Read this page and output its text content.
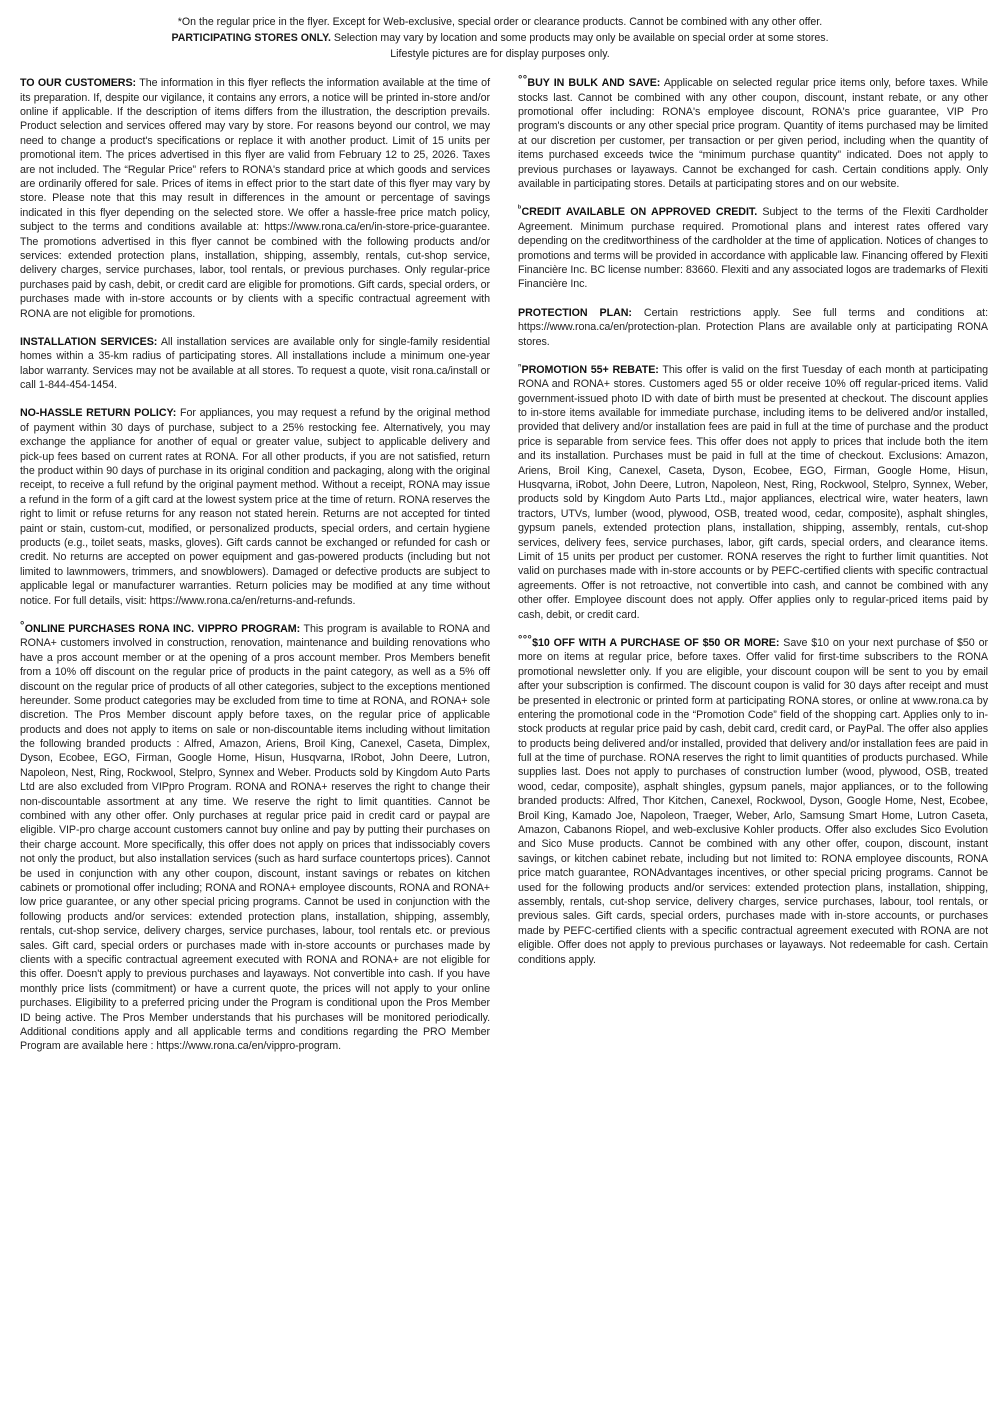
*On the regular price in the flyer. Except for Web-exclusive, special order or clearance products. Cannot be combined with any other offer.

PARTICIPATING STORES ONLY. Selection may vary by location and some products may only be available on special order at some stores.

Lifestyle pictures are for display purposes only.

TO OUR CUSTOMERS: The information in this flyer reflects the information available at the time of its preparation. If, despite our vigilance, it contains any errors, a notice will be printed in-store and/or online if applicable. If the description of items differs from the illustration, the description prevails. Product selection and services offered may vary by store. For reasons beyond our control, we may need to change a product's specifications or replace it with another product. Limit of 15 units per promotional item. The prices advertised in this flyer are valid from February 12 to 25, 2026. Taxes are not included. The “Regular Price” refers to RONA's standard price at which goods and services are ordinarily offered for sale. Prices of items in effect prior to the start date of this flyer may vary by store. Please note that this may result in differences in the amount or percentage of savings indicated in this flyer depending on the selected store. We offer a hassle-free price match policy, subject to the terms and conditions available at: https://www.rona.ca/en/in-store-price-guarantee. The promotions advertised in this flyer cannot be combined with the following products and/or services: extended protection plans, installation, shipping, assembly, rentals, cut-shop service, delivery charges, service purchases, labor, tool rentals, or previous purchases. Only regular-price purchases paid by cash, debit, or credit card are eligible for promotions. Gift cards, special orders, or purchases made with in-store accounts or by clients with a specific contractual agreement with RONA are not eligible for promotions.

INSTALLATION SERVICES: All installation services are available only for single-family residential homes within a 35-km radius of participating stores. All installations include a minimum one-year labor warranty. Services may not be available at all stores. To request a quote, visit rona.ca/install or call 1-844-454-1454.

NO-HASSLE RETURN POLICY: For appliances, you may request a refund by the original method of payment within 30 days of purchase, subject to a 25% restocking fee. Alternatively, you may exchange the appliance for another of equal or greater value, subject to applicable delivery and pick-up fees based on current rates at RONA. For all other products, if you are not satisfied, return the product within 90 days of purchase in its original condition and packaging, along with the original receipt, to receive a full refund by the original payment method. Without a receipt, RONA may issue a refund in the form of a gift card at the lowest system price at the time of return. RONA reserves the right to limit or refuse returns for any reason not stated herein. Returns are not accepted for tinted paint or stain, custom-cut, modified, or personalized products, special orders, and certain hygiene products (e.g., toilet seats, masks, gloves). Gift cards cannot be exchanged or refunded for cash or credit. No returns are accepted on power equipment and gas-powered products (including but not limited to lawnmowers, trimmers, and snowblowers). Damaged or defective products are subject to applicable legal or manufacturer warranties. Return policies may be modified at any time without notice. For full details, visit: https://www.rona.ca/en/returns-and-refunds.

°ONLINE PURCHASES RONA INC. VIPPRO PROGRAM: This program is available to RONA and RONA+ customers involved in construction, renovation, maintenance and building renovations who have a pros account member or at the opening of a pros account member. Pros Members benefit from a 10% off discount on the regular price of products in the paint category, as well as a 5% off discount on the regular price of products of all other categories, subject to the exceptions mentioned hereunder. Some product categories may be excluded from time to time at RONA, and RONA+ sole discretion. The Pros Member discount apply before taxes, on the regular price of applicable products and does not apply to items on sale or non-discountable items including without limitation the following branded products : Alfred, Amazon, Ariens, Broil King, Canexel, Caseta, Dimplex, Dyson, Ecobee, EGO, Firman, Google Home, Hisun, Husqvarna, IRobot, John Deere, Lutron, Napoleon, Nest, Ring, Rockwool, Stelpro, Synnex and Weber. Products sold by Kingdom Auto Parts Ltd are also excluded from VIPpro Program. RONA and RONA+ reserves the right to change their non-discountable assortment at any time. We reserve the right to limit quantities. Cannot be combined with any other offer. Only purchases at regular price paid in credit card or paypal are eligible. VIP-pro charge account customers cannot buy online and pay by putting their purchases on their charge account. More specifically, this offer does not apply on prices that indissociably covers not only the product, but also installation services (such as hard surface countertops prices). Cannot be used in conjunction with any other coupon, discount, instant savings or rebates on kitchen cabinets or promotional offer including; RONA and RONA+ employee discounts, RONA and RONA+ low price guarantee, or any other special pricing programs. Cannot be used in conjunction with the following products and/or services: extended protection plans, installation, shipping, assembly, rentals, cut-shop service, delivery charges, service purchases, labour, tool rentals etc. or previous sales. Gift card, special orders or purchases made with in-store accounts or purchases made by clients with a specific contractual agreement executed with RONA and RONA+ are not eligible for this offer. Doesn't apply to previous purchases and layaways. Not convertible into cash. If you have monthly price lists (commitment) or have a current quote, the prices will not apply to your online purchases. Eligibility to a preferred pricing under the Program is conditional upon the Pros Member ID being active. The Pros Member understands that his purchases will be monitored periodically. Additional conditions apply and all applicable terms and conditions regarding the PRO Member Program are available here : https://www.rona.ca/en/vippro-program.

°°BUY IN BULK AND SAVE: Applicable on selected regular price items only, before taxes. While stocks last. Cannot be combined with any other coupon, discount, instant rebate, or any other promotional offer including: RONA's employee discount, RONA's price guarantee, VIP Pro program's discounts or any other special price program. Quantity of items purchased may be limited at our discretion per customer, per transaction or per given period, including when the quantity of items purchased exceeds twice the “minimum purchase quantity” indicated. Does not apply to previous purchases or layaways. Cannot be exchanged for cash. Certain conditions apply. Only available in participating stores. Details at participating stores and on our website.

$^ᵇ$CREDIT AVAILABLE ON APPROVED CREDIT. Subject to the terms of the Flexiti Cardholder Agreement. Minimum purchase required. Promotional plans and interest rates offered vary depending on the creditworthiness of the cardholder at the time of application. Notices of changes to promotions and terms will be provided in accordance with applicable law. Financing offered by Flexiti Financière Inc. BC license number: 83660. Flexiti and any associated logos are trademarks of Flexiti Financière Inc.

PROTECTION PLAN: Certain restrictions apply. See full terms and conditions at: https://www.rona.ca/en/protection-plan. Protection Plans are available only at participating RONA stores.

$^{^n}$PROMOTION 55+ REBATE: This offer is valid on the first Tuesday of each month at participating RONA and RONA+ stores. Customers aged 55 or older receive 10% off regular-priced items. Valid government-issued photo ID with date of birth must be presented at checkout. The discount applies to in-store items available for immediate purchase, including items to be delivered and/or installed, provided that delivery and/or installation fees are paid in full at the time of purchase and the product price is separable from service fees. This offer does not apply to prices that include both the item and its installation. Purchases must be paid in full at the time of checkout. Exclusions: Amazon, Ariens, Broil King, Canexel, Caseta, Dyson, Ecobee, EGO, Firman, Google Home, Hisun, Husqvarna, iRobot, John Deere, Lutron, Napoleon, Nest, Ring, Rockwool, Stelpro, Synnex, Weber, products sold by Kingdom Auto Parts Ltd., major appliances, electrical wire, water heaters, lawn tractors, UTVs, lumber (wood, plywood, OSB, treated wood, cedar, composite), asphalt shingles, gypsum panels, extended protection plans, installation, shipping, assembly, rentals, cut-shop services, delivery fees, service purchases, labor, gift cards, special orders, and clearance items. Limit of 15 units per product per customer. RONA reserves the right to further limit quantities. Not valid on purchases made with in-store accounts or by PEFC-certified clients with specific contractual agreements. Offer is not retroactive, not convertible into cash, and cannot be combined with any other offer. Employee discount does not apply. Offer applies only to regular-priced items paid by cash, debit, or credit card.

°°°$10 OFF WITH A PURCHASE OF $50 OR MORE: Save $10 on your next purchase of $50 or more on items at regular price, before taxes. Offer valid for first-time subscribers to the RONA promotional newsletter only. If you are eligible, your discount coupon will be sent to you by email after your subscription is confirmed. The discount coupon is valid for 30 days after receipt and must be presented in electronic or printed form at participating RONA stores, or online at www.rona.ca by entering the promotional code in the “Promotion Code” field of the shopping cart. Applies only to in-stock products at regular price paid by cash, debit card, credit card, or PayPal. The offer also applies to products being delivered and/or installed, provided that delivery and/or installation fees are paid in full at the time of purchase. RONA reserves the right to limit quantities of products purchased. While supplies last. Does not apply to purchases of construction lumber (wood, plywood, OSB, treated wood, cedar, composite), asphalt shingles, gypsum panels, major appliances, or to the following branded products: Alfred, Thor Kitchen, Canexel, Rockwool, Dyson, Google Home, Nest, Ecobee, Broil King, Kamado Joe, Napoleon, Traeger, Weber, Arlo, Samsung Smart Home, Lutron Caseta, Amazon, Cabanons Riopel, and web-exclusive Kohler products. Offer also excludes Sico Evolution and Sico Muse products. Cannot be combined with any other offer, coupon, discount, instant savings, or kitchen cabinet rebate, including but not limited to: RONA employee discounts, RONA price match guarantee, RONAdvantages incentives, or other special pricing programs. Cannot be used for the following products and/or services: extended protection plans, installation, shipping, assembly, rentals, cut-shop service, delivery charges, service purchases, labour, tool rentals, or previous sales. Gift cards, special orders, purchases made with in-store accounts, or purchases made by PEFC-certified clients with a specific contractual agreement executed with RONA are not eligible. Offer does not apply to previous purchases or layaways. Not redeemable for cash. Certain conditions apply.
